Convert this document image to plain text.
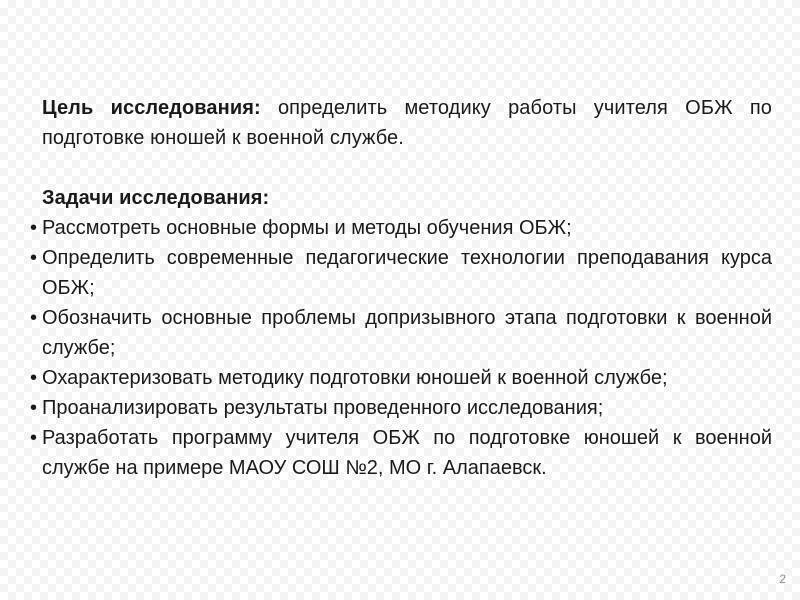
Цель исследования: определить методику работы учителя ОБЖ по подготовке юношей к военной службе.

Задачи исследования:

• Рассмотреть основные формы и методы обучения ОБЖ;
• Определить современные педагогические технологии преподавания курса ОБЖ;
• Обозначить основные проблемы допризывного этапа подготовки к военной службе;
• Охарактеризовать методику подготовки юношей к военной службе;
• Проанализировать результаты проведенного исследования;
• Разработать программу учителя ОБЖ по подготовке юношей к военной службе на примере МАОУ СОШ №2, МО г. Алапаевск.
2
